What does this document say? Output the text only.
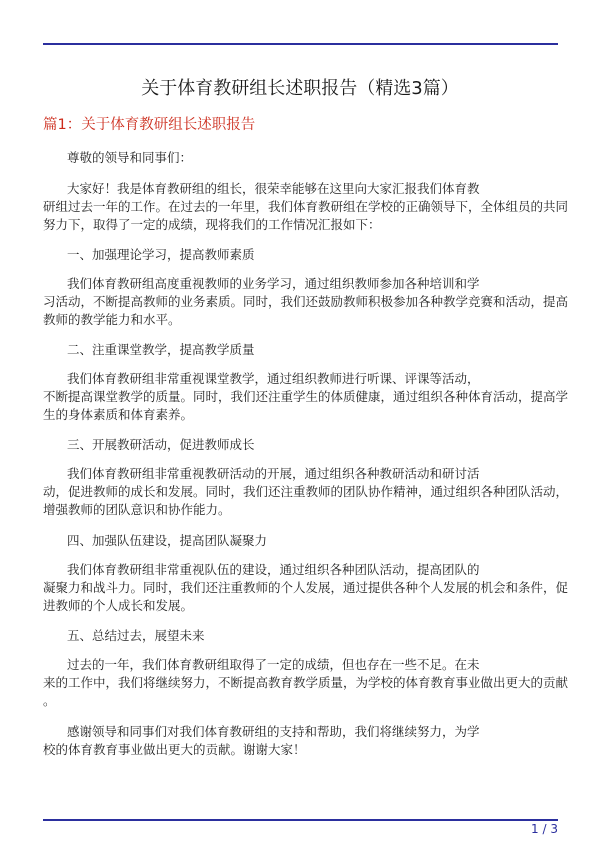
关于体育教研组长述职报告（精选3篇）
篇1：关于体育教研组长述职报告
尊敬的领导和同事们：
大家好！我是体育教研组的组长，很荣幸能够在这里向大家汇报我们体育教
研组过去一年的工作。在过去的一年里，我们体育教研组在学校的正确领导下，全体组员的共同
努力下，取得了一定的成绩，现将我们的工作情况汇报如下：
一、加强理论学习，提高教师素质
我们体育教研组高度重视教师的业务学习，通过组织教师参加各种培训和学
习活动，不断提高教师的业务素质。同时，我们还鼓励教师积极参加各种教学竞赛和活动，提高
教师的教学能力和水平。
二、注重课堂教学，提高教学质量
我们体育教研组非常重视课堂教学，通过组织教师进行听课、评课等活动，
不断提高课堂教学的质量。同时，我们还注重学生的体质健康，通过组织各种体育活动，提高学
生的身体素质和体育素养。
三、开展教研活动，促进教师成长
我们体育教研组非常重视教研活动的开展，通过组织各种教研活动和研讨活
动，促进教师的成长和发展。同时，我们还注重教师的团队协作精神，通过组织各种团队活动，
增强教师的团队意识和协作能力。
四、加强队伍建设，提高团队凝聚力
我们体育教研组非常重视队伍的建设，通过组织各种团队活动，提高团队的
凝聚力和战斗力。同时，我们还注重教师的个人发展，通过提供各种个人发展的机会和条件，促
进教师的个人成长和发展。
五、总结过去，展望未来
过去的一年，我们体育教研组取得了一定的成绩，但也存在一些不足。在未
来的工作中，我们将继续努力，不断提高教育教学质量，为学校的体育教育事业做出更大的贡献
。
感谢领导和同事们对我们体育教研组的支持和帮助，我们将继续努力，为学
校的体育教育事业做出更大的贡献。谢谢大家！
1 / 3
